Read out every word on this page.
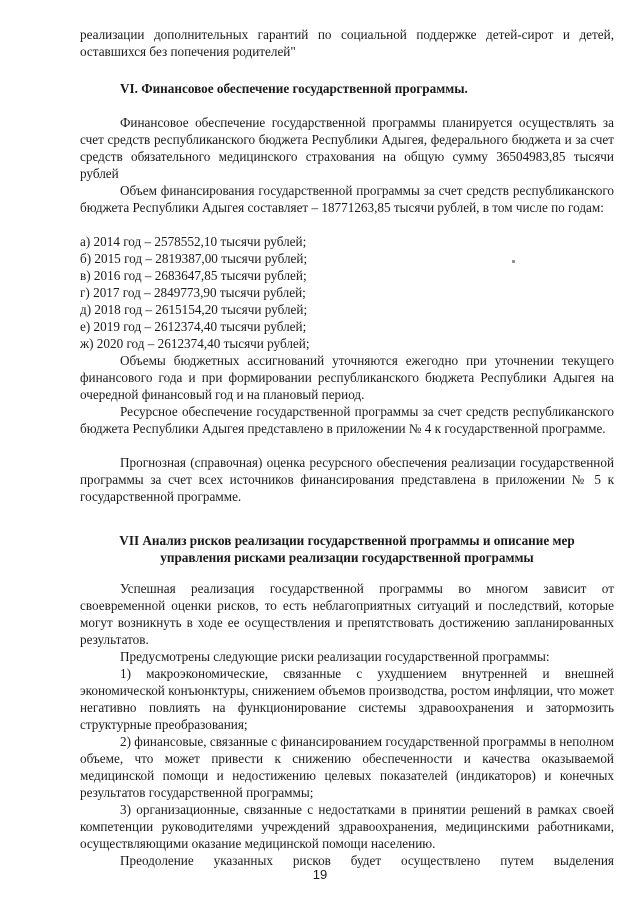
реализации дополнительных гарантий по социальной поддержке детей-сирот и детей, оставшихся без попечения родителей"

VI. Финансовое обеспечение государственной программы.

Финансовое обеспечение государственной программы планируется осуществлять за счет средств республиканского бюджета Республики Адыгея, федерального бюджета и за счет средств обязательного медицинского страхования на общую сумму 36504983,85 тысячи рублей

Объем финансирования государственной программы за счет средств республиканского бюджета Республики Адыгея составляет – 18771263,85 тысячи рублей, в том числе по годам:

а) 2014 год – 2578552,10 тысячи рублей;

б) 2015 год – 2819387,00 тысячи рублей;

в) 2016 год – 2683647,85 тысячи рублей;

г) 2017 год – 2849773,90 тысячи рублей;

д) 2018 год – 2615154,20 тысячи рублей;

е) 2019 год – 2612374,40 тысячи рублей;

ж) 2020 год – 2612374,40 тысячи рублей;

Объемы бюджетных ассигнований уточняются ежегодно при уточнении текущего финансового года и при формировании республиканского бюджета Республики Адыгея на очередной финансовый год и на плановый период.

Ресурсное обеспечение государственной программы за счет средств республиканского бюджета Республики Адыгея представлено в приложении № 4 к государственной программе.

Прогнозная (справочная) оценка ресурсного обеспечения реализации государственной программы за счет всех источников финансирования представлена в приложении № 5 к государственной программе.

VII Анализ рисков реализации государственной программы и описание мер

управления рисками реализации государственной программы

Успешная реализация государственной программы во многом зависит от своевременной оценки рисков, то есть неблагоприятных ситуаций и последствий, которые могут возникнуть в ходе ее осуществления и препятствовать достижению запланированных результатов.

Предусмотрены следующие риски реализации государственной программы:

1) макроэкономические, связанные с ухудшением внутренней и внешней экономической конъюнктуры, снижением объемов производства, ростом инфляции, что может негативно повлиять на функционирование системы здравоохранения и затормозить структурные преобразования;

2) финансовые, связанные с финансированием государственной программы в неполном объеме, что может привести к снижению обеспеченности и качества оказываемой медицинской помощи и недостижению целевых показателей (индикаторов) и конечных результатов государственной программы;

3) организационные, связанные с недостатками в принятии решений в рамках своей компетенции руководителями учреждений здравоохранения, медицинскими работниками, осуществляющими оказание медицинской помощи населению.

Преодоление указанных рисков будет осуществлено путем выделения

19
